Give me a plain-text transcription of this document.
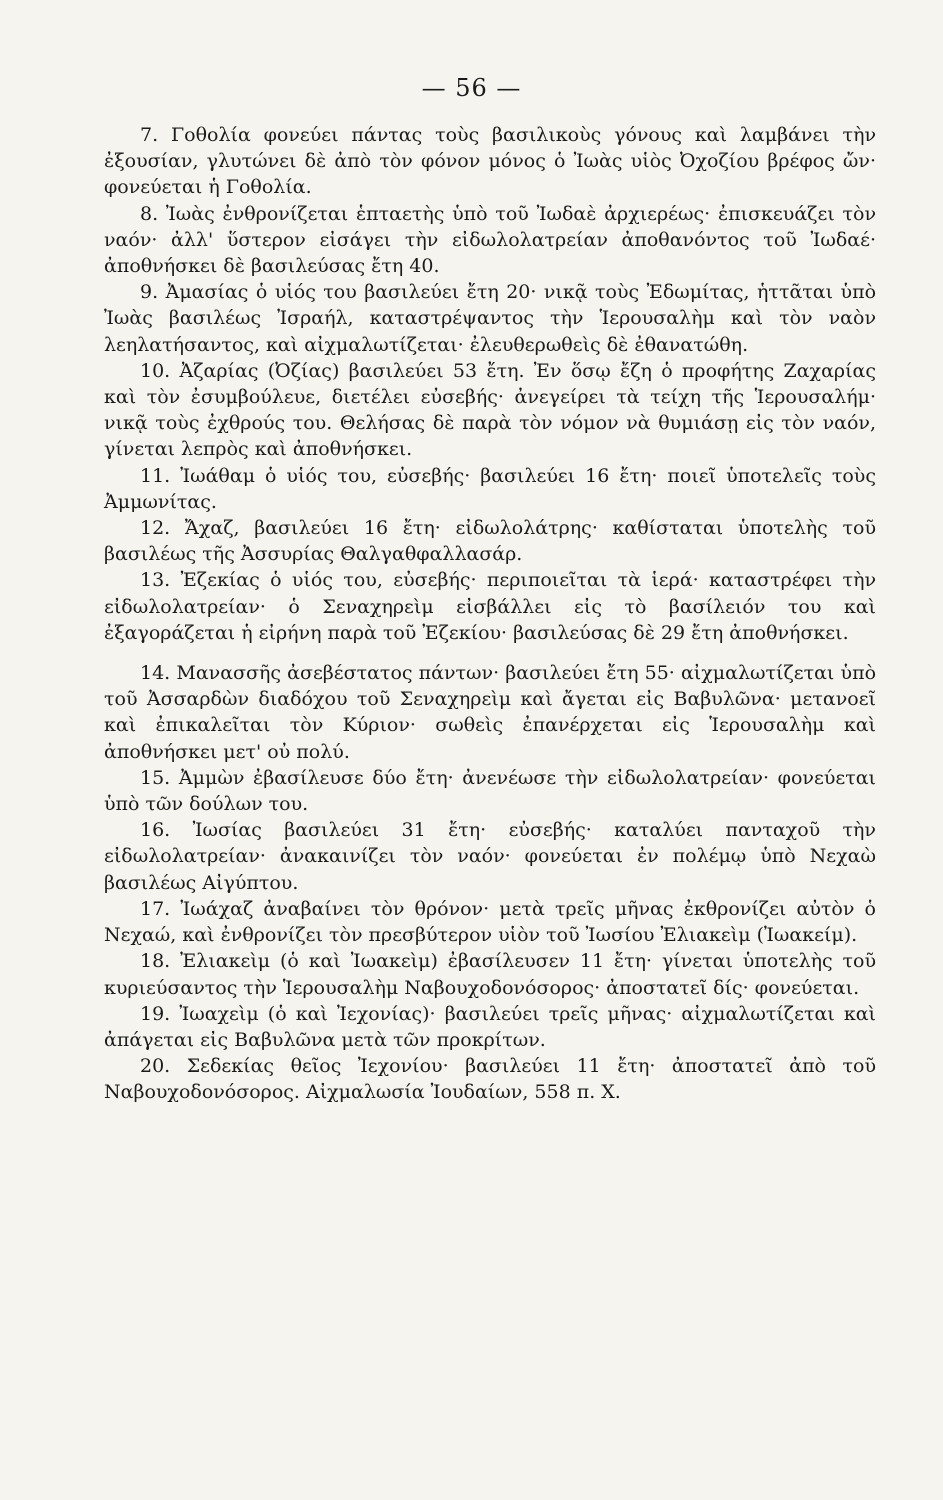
— 56 —

7. Γοθολία φονεύει πάντας τοὺς βασιλικοὺς γόνους καὶ λαμβάνει τὴν ἐξουσίαν, γλυτώνει δὲ ἀπὸ τὸν φόνον μόνος ὁ Ἰωὰς υἱὸς Ὀχοζίου βρέφος ὤν· φονεύεται ἡ Γοθολία.

8. Ἰωὰς ἐνθρονίζεται ἑπταετὴς ὑπὸ τοῦ Ἰωδαὲ ἀρχιερέως· ἐπισκευάζει τὸν ναόν· ἀλλ' ὕστερον εἰσάγει τὴν εἰδωλολατρείαν ἀποθανόντος τοῦ Ἰωδαέ· ἀποθνήσκει δὲ βασιλεύσας ἔτη 40.

9. Ἀμασίας ὁ υἱός του βασιλεύει ἔτη 20· νικᾷ τοὺς Ἐδωμίτας, ἡττᾶται ὑπὸ Ἰωὰς βασιλέως Ἰσραήλ, καταστρέψαντος τὴν Ἱερουσαλὴμ καὶ τὸν ναὸν λεηλατήσαντος, καὶ αἰχμαλωτίζεται· ἐλευθερωθεὶς δὲ ἐθανατώθη.

10. Ἀζαρίας (Ὀζίας) βασιλεύει 53 ἔτη. Ἐν ὅσῳ ἔζη ὁ προφήτης Ζαχαρίας καὶ τὸν ἐσυμβούλευε, διετέλει εὐσεβής· ἀνεγείρει τὰ τείχη τῆς Ἱερουσαλήμ· νικᾷ τοὺς ἐχθρούς του. Θελήσας δὲ παρὰ τὸν νόμον νὰ θυμιάσῃ εἰς τὸν ναόν, γίνεται λεπρὸς καὶ ἀποθνήσκει.

11. Ἰωάθαμ ὁ υἱός του, εὐσεβής· βασιλεύει 16 ἔτη· ποιεῖ ὑποτελεῖς τοὺς Ἀμμωνίτας.

12. Ἄχαζ, βασιλεύει 16 ἔτη· εἰδωλολάτρης· καθίσταται ὑποτελὴς τοῦ βασιλέως τῆς Ἀσσυρίας Θαλγαθφαλλασάρ.

13. Ἐζεκίας ὁ υἱός του, εὐσεβής· περιποιεῖται τὰ ἱερά· καταστρέφει τὴν εἰδωλολατρείαν· ὁ Σεναχηρεὶμ εἰσβάλλει εἰς τὸ βασίλειόν του καὶ ἐξαγοράζεται ἡ εἰρήνη παρὰ τοῦ Ἐζεκίου· βασιλεύσας δὲ 29 ἔτη ἀποθνήσκει.

14. Μανασσῆς ἀσεβέστατος πάντων· βασιλεύει ἔτη 55· αἰχμαλωτίζεται ὑπὸ τοῦ Ἀσσαρδὼν διαδόχου τοῦ Σεναχηρεὶμ καὶ ἄγεται εἰς Βαβυλῶνα· μετανοεῖ καὶ ἐπικαλεῖται τὸν Κύριον· σωθεὶς ἐπανέρχεται εἰς Ἱερουσαλὴμ καὶ ἀποθνήσκει μετ' οὐ πολύ.

15. Ἀμμὼν ἐβασίλευσε δύο ἔτη· ἀνενέωσε τὴν εἰδωλολατρείαν· φονεύεται ὑπὸ τῶν δούλων του.

16. Ἰωσίας βασιλεύει 31 ἔτη· εὐσεβής· καταλύει πανταχοῦ τὴν εἰδωλολατρείαν· ἀνακαινίζει τὸν ναόν· φονεύεται ἐν πολέμῳ ὑπὸ Νεχαὼ βασιλέως Αἰγύπτου.

17. Ἰωάχαζ ἀναβαίνει τὸν θρόνον· μετὰ τρεῖς μῆνας ἐκθρονίζει αὐτὸν ὁ Νεχαώ, καὶ ἐνθρονίζει τὸν πρεσβύτερον υἱὸν τοῦ Ἰωσίου Ἐλιακεὶμ (Ἰωακείμ).

18. Ἐλιακεὶμ (ὁ καὶ Ἰωακεὶμ) ἐβασίλευσεν 11 ἔτη· γίνεται ὑποτελὴς τοῦ κυριεύσαντος τὴν Ἱερουσαλὴμ Ναβουχοδονόσορος· ἀποστατεῖ δίς· φονεύεται.

19. Ἰωαχεὶμ (ὁ καὶ Ἰεχονίας)· βασιλεύει τρεῖς μῆνας· αἰχμαλωτίζεται καὶ ἀπάγεται εἰς Βαβυλῶνα μετὰ τῶν προκρίτων.

20. Σεδεκίας θεῖος Ἰεχονίου· βασιλεύει 11 ἔτη· ἀποστατεῖ ἀπὸ τοῦ Ναβουχοδονόσορος. Αἰχμαλωσία Ἰουδαίων, 558 π. Χ.
